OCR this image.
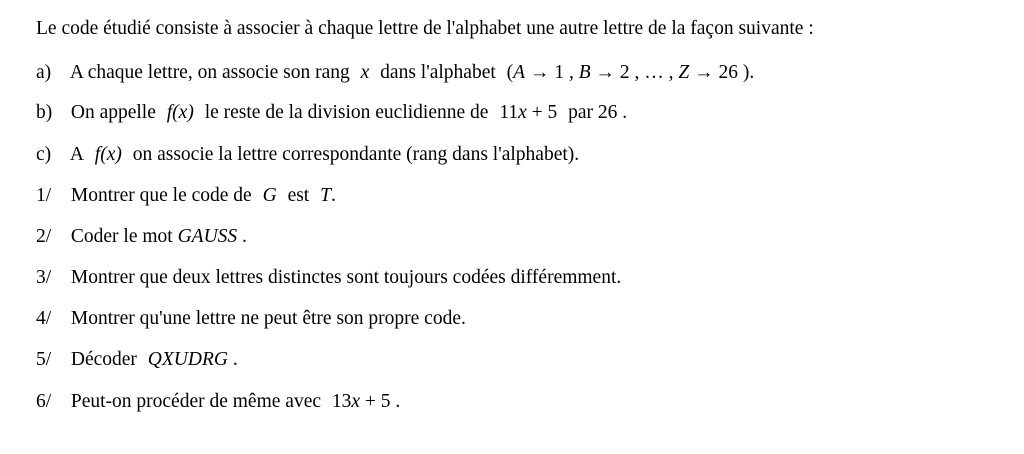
Le code étudié consiste à associer à chaque lettre de l'alphabet une autre lettre de la façon suivante :
a) A chaque lettre, on associe son rang x dans l'alphabet (A → 1 , B → 2 , … , Z → 26 ).
b) On appelle f(x) le reste de la division euclidienne de 11x + 5 par 26 .
c) A f(x) on associe la lettre correspondante (rang dans l'alphabet).
1/ Montrer que le code de G est T.
2/ Coder le mot GAUSS .
3/ Montrer que deux lettres distinctes sont toujours codées différemment.
4/ Montrer qu'une lettre ne peut être son propre code.
5/ Décoder QXUDRG .
6/ Peut-on procéder de même avec 13x + 5 .
